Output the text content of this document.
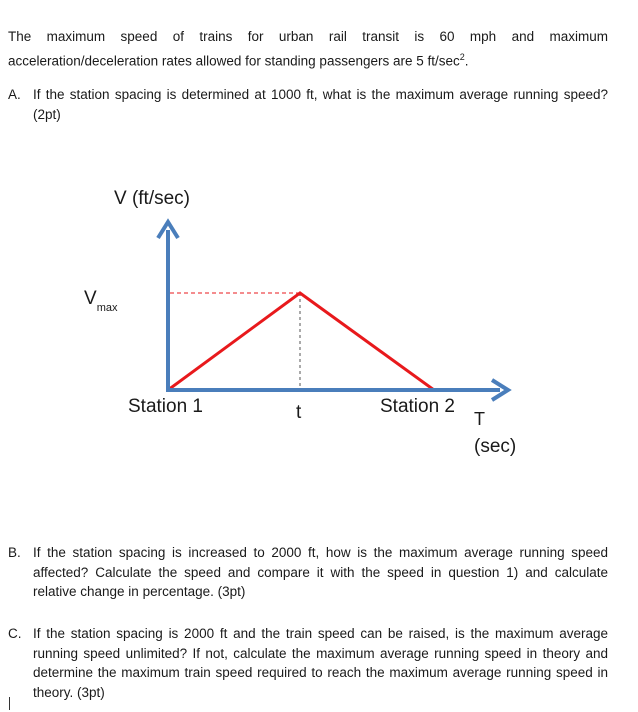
The maximum speed of trains for urban rail transit is 60 mph and maximum acceleration/deceleration rates allowed for standing passengers are 5 $ft/\sec^2$.

A. If the station spacing is determined at 1000 ft, what is the maximum average running speed? (2pt)
V (ft/sec)
$V_{max}$
Station 1	t	Station 2
T
(sec)
B. If the station spacing is increased to 2000 ft, how is the maximum average running speed affected? Calculate the speed and compare it with the speed in question 1) and calculate relative change in percentage. (3pt)
C. If the station spacing is 2000 ft and the train speed can be raised, is the maximum average running speed unlimited? If not, calculate the maximum average running speed in theory and determine the maximum train speed required to reach the maximum average running speed in theory. (3pt)
